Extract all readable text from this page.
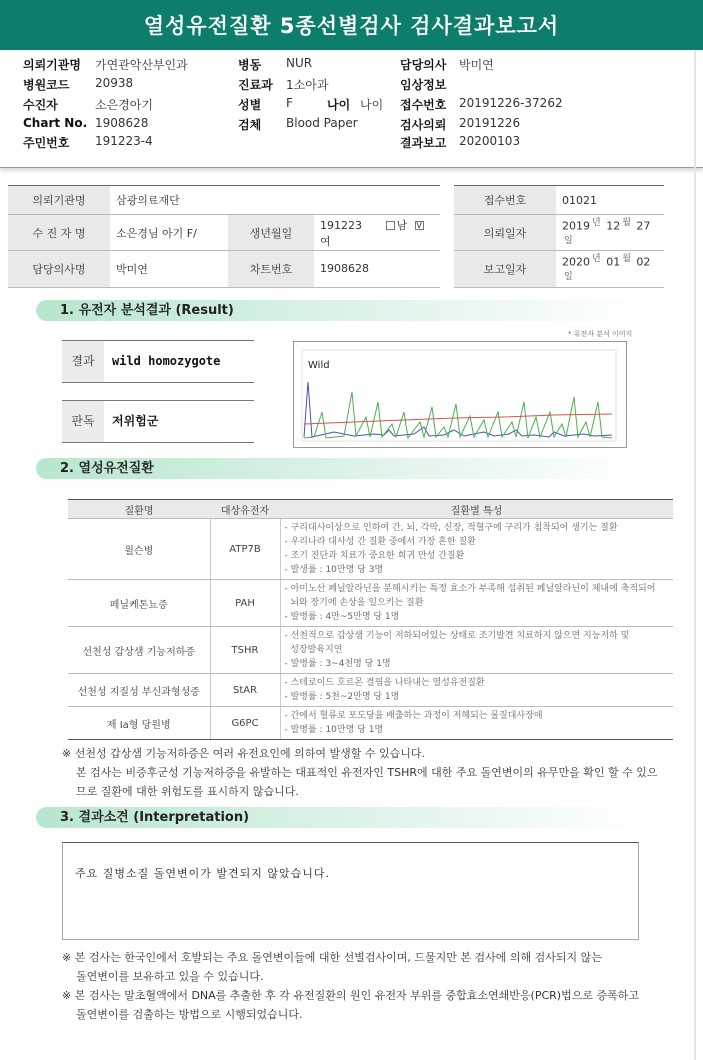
열성유전질환 5종선별검사 검사결과보고서
의뢰기관명 가연관악산부인과	병동 NUR	담당의사 박미연
병원코드 20938	진료과 1소아과	임상정보
수진자	소은경아기	성별 F	나이 나이 접수번호 20191226-37262
Chart No. 1908628	검체 Blood Paper	검사의뢰 20191226
주민번호 191223-4	결과보고 20200103
의뢰기관명	삼광의료재단				접수번호	01021
수 진 자 명	소은경님 아기 F/	생년월일	191223 남 V여		의뢰일자	2019 $^년$ 12 $^월$ $27^일$
담당의사명	박미연	차트번호	1908628		보고일자	2020 $^년$ 01 $^월$ $02^일$
1. 유전자 분석결과 (Result)
* 유전자 분석 이미지
결과	wild homozygote
판독	저위험군
Wild
2. 열성유전질환
질환명	대상유전자	질환별 특성
윌슨병	ATP7B	- 구리대사이상으로 인하여 간, 뇌, 각막, 신장, 적혈구에 구리가 침착되어 생기는 질환
- 우리나라 대사성 간 질환 중에서 가장 흔한 질환
- 조기 진단과 치료가 중요한 희귀 만성 간질환
- 발생률 : 10만명 당 3명

페닐케톤뇨증	PAH	- 아미노산 페닐알라닌을 분해시키는 특정 효소가 부족해 섭취된 페닐알라닌이 체내에 축적되어
뇌와 장기에 손상을 일으키는 질환
- 발병률 : 4만~5만명 당 1명

선천성 갑상샘 기능저하증	TSHR	- 선천적으로 갑상샘 기능이 저하되어있는 상태로 조기발견 치료하지 않으면 지능저하 및
성장발육지연
- 발병률 : 3~4천명 당 1명

선천성 지질성 부신과형성증	StAR	- 스테로이드 호르몬 결핍을 나타내는 열성유전질환
- 발병률 : 5천~2만명 당 1명

제 Ia형 당원병	G6PC	- 간에서 혈류로 포도당을 배출하는 과정이 저해되는 물질대사장애
- 발병률 : 10만명 당 1명
※ 선천성 갑상샘 기능저하증은 여러 유전요인에 의하여 발생할 수 있습니다.
본 검사는 비증후군성 기능저하증을 유발하는 대표적인 유전자인 TSHR에 대한 주요 돌연변이의 유무만을 확인 할 수 있으
므로 질환에 대한 위험도를 표시하지 않습니다.
3. 결과소견 (Interpretation)
주요 질병소질 돌연변이가 발견되지 않았습니다.
※ 본 검사는 한국인에서 호발되는 주요 돌연변이들에 대한 선별검사이며, 드물지만 본 검사에 의해 검사되지 않는
돌연변이를 보유하고 있을 수 있습니다.
※ 본 검사는 말초혈액에서 DNA를 추출한 후 각 유전질환의 원인 유전자 부위를 중합효소연쇄반응(PCR)법으로 증폭하고
돌연변이를 검출하는 방법으로 시행되었습니다.
